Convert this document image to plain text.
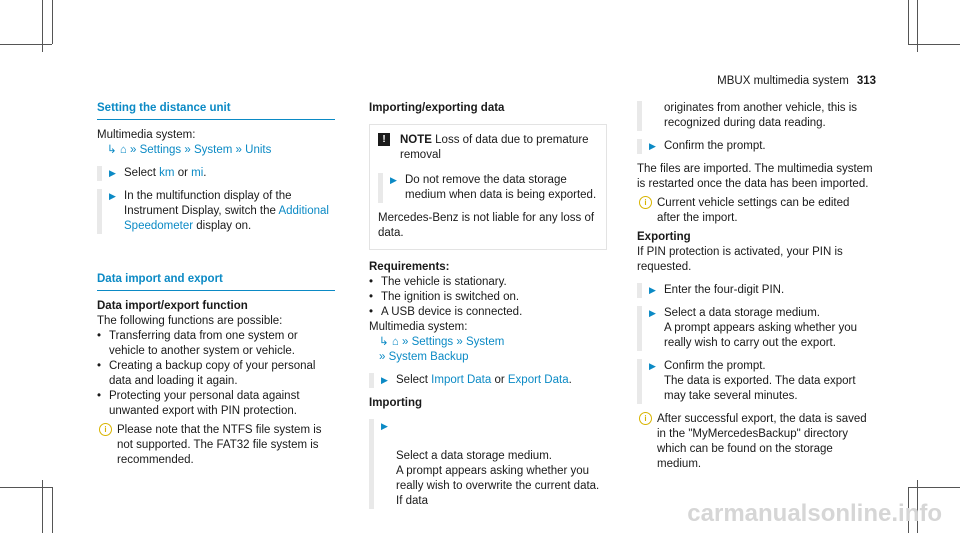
MBUX multimedia system 313
Setting the distance unit

Multimedia system:

↳ ⌂ » Settings » System » Units

▶ Select km or mi.
▶ In the multifunction display of the Instrument Display, switch the Additional Speedometer display on.
Data import and export

Data import/export function

The following functions are possible:

• Transferring data from one system or vehicle to another system or vehicle.
• Creating a backup copy of your personal data and loading it again.
• Protecting your personal data against unwanted export with PIN protection.
i Please note that the NTFS file system is not supported. The FAT32 file system is recommended.

Importing/exporting data

!	NOTE Loss of data due to premature removal
▶ Do not remove the data storage medium when data is being exported.

Mercedes-Benz is not liable for any loss of data.

Requirements:

• The vehicle is stationary.
• The ignition is switched on.
• A USB device is connected.

Multimedia system:

↳ ⌂ » Settings » System
» System Backup

▶ Select Import Data or Export Data.

Importing

▶

Select a data storage medium.
A prompt appears asking whether you really wish to overwrite the current data. If data

originates from another vehicle, this is recognized during data reading.
▶ Confirm the prompt.

The files are imported. The multimedia system is restarted once the data has been imported.

i Current vehicle settings can be edited after the import.

Exporting

If PIN protection is activated, your PIN is requested.

▶ Enter the four-digit PIN.
▶ Select a data storage medium.
A prompt appears asking whether you really wish to carry out the export.
▶ Confirm the prompt.
The data is exported. The data export may take several minutes.
i After successful export, the data is saved in the "MyMercedesBackup" directory which can be found on the storage medium.
carmanualsonline.info
